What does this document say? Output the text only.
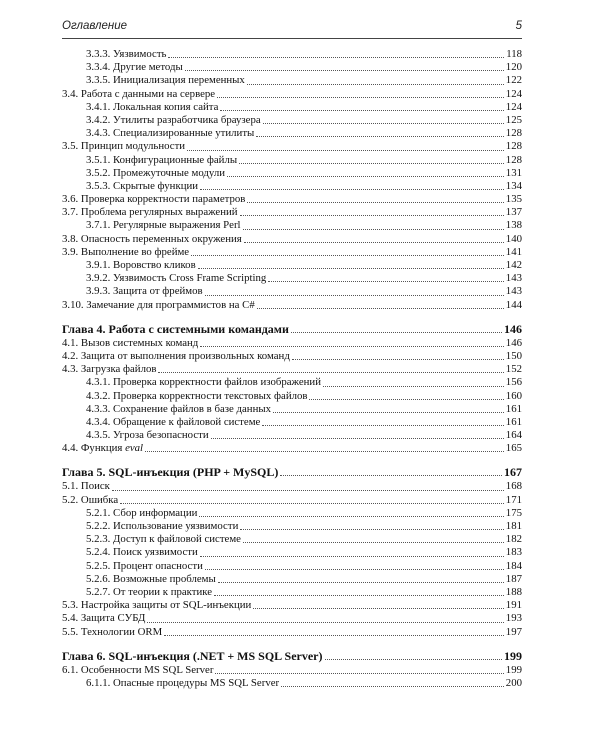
Оглавление	5
3.3.3. Уязвимость	118
3.3.4. Другие методы	120
3.3.5. Инициализация переменных	122
3.4. Работа с данными на сервере	124
3.4.1. Локальная копия сайта	124
3.4.2. Утилиты разработчика браузера	125
3.4.3. Специализированные утилиты	128
3.5. Принцип модульности	128
3.5.1. Конфигурационные файлы	128
3.5.2. Промежуточные модули	131
3.5.3. Скрытые функции	134
3.6. Проверка корректности параметров	135
3.7. Проблема регулярных выражений	137
3.7.1. Регулярные выражения Perl	138
3.8. Опасность переменных окружения	140
3.9. Выполнение во фрейме	141
3.9.1. Воровство кликов	142
3.9.2. Уязвимость Cross Frame Scripting	143
3.9.3. Защита от фреймов	143
3.10. Замечание для программистов на C#	144
Глава 4. Работа с системными командами	146
4.1. Вызов системных команд	146
4.2. Защита от выполнения произвольных команд	150
4.3. Загрузка файлов	152
4.3.1. Проверка корректности файлов изображений	156
4.3.2. Проверка корректности текстовых файлов	160
4.3.3. Сохранение файлов в базе данных	161
4.3.4. Обращение к файловой системе	161
4.3.5. Угроза безопасности	164
4.4. Функция eval	165
Глава 5. SQL-инъекция (PHP + MySQL)	167
5.1. Поиск	168
5.2. Ошибка	171
5.2.1. Сбор информации	175
5.2.2. Использование уязвимости	181
5.2.3. Доступ к файловой системе	182
5.2.4. Поиск уязвимости	183
5.2.5. Процент опасности	184
5.2.6. Возможные проблемы	187
5.2.7. От теории к практике	188
5.3. Настройка защиты от SQL-инъекции	191
5.4. Защита СУБД	193
5.5. Технологии ORM	197
Глава 6. SQL-инъекция (.NET + MS SQL Server)	199
6.1. Особенности MS SQL Server	199
6.1.1. Опасные процедуры MS SQL Server	200
